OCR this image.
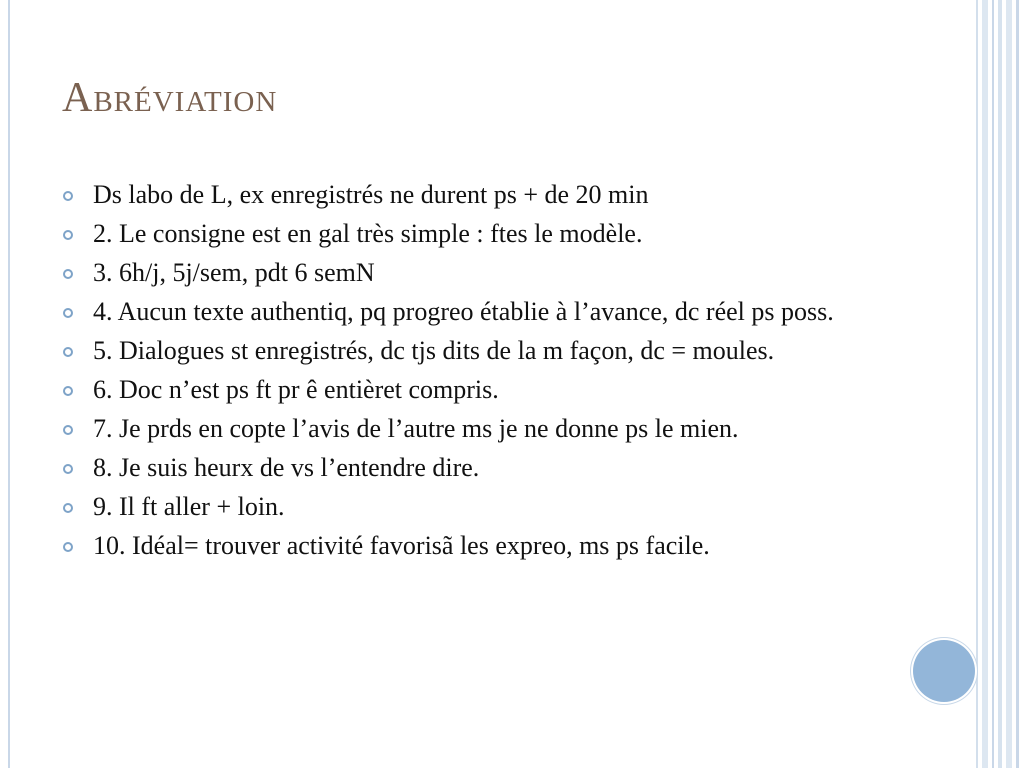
Abréviation
Ds labo de L, ex enregistrés ne durent ps + de 20 min
2. Le consigne est en gal très simple : ftes le modèle.
3. 6h/j, 5j/sem, pdt 6 semN
4. Aucun texte authentiq, pq progreo établie à l’avance, dc réel ps poss.
5. Dialogues st enregistrés, dc tjs dits de la m façon, dc = moules.
6. Doc n’est ps ft pr ê entièret compris.
7. Je prds en copte l’avis de l’autre ms je ne donne ps le mien.
8. Je suis heurx de vs l’entendre dire.
9. Il ft aller + loin.
10. Idéal= trouver activité favorisã les expreo, ms ps facile.
